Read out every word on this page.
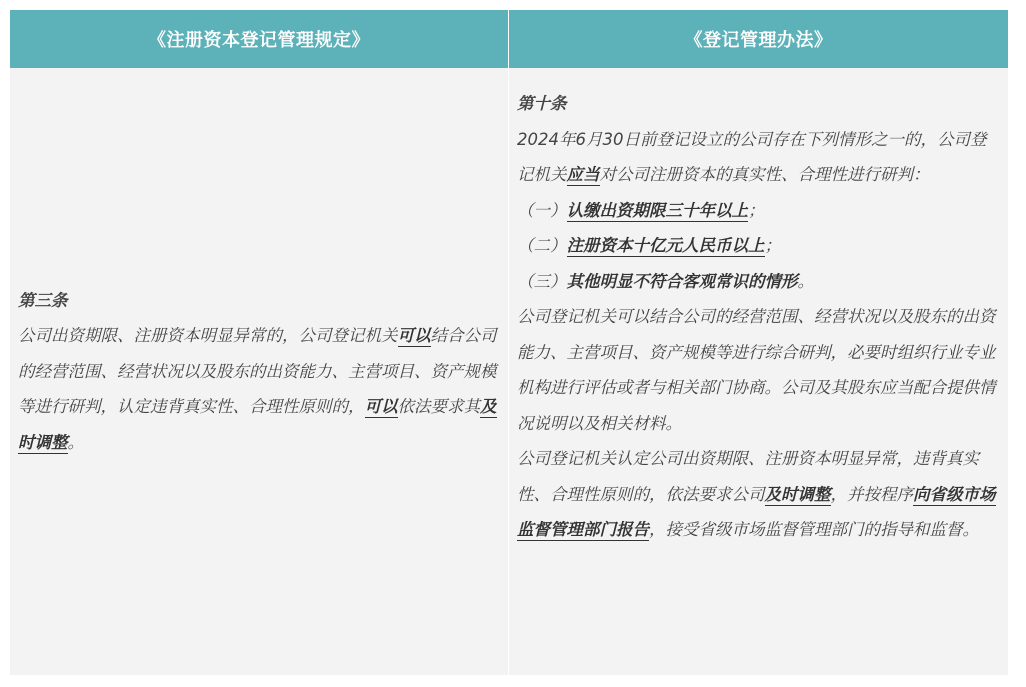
《注册资本登记管理规定》	《登记管理办法》
第三条
公司出资期限、注册资本明显异常的，公司登记机关可以结合公司的经营范围、经营状况以及股东的出资能力、主营项目、资产规模等进行研判，认定违背真实性、合理性原则的，可以依法要求其及时调整。
第十条
2024年6月30日前登记设立的公司存在下列情形之一的，公司登记机关应当对公司注册资本的真实性、合理性进行研判：
（一）认缴出资期限三十年以上；
（二）注册资本十亿元人民币以上；
（三）其他明显不符合客观常识的情形。
公司登记机关可以结合公司的经营范围、经营状况以及股东的出资能力、主营项目、资产规模等进行综合研判，必要时组织行业专业机构进行评估或者与相关部门协商。公司及其股东应当配合提供情况说明以及相关材料。
公司登记机关认定公司出资期限、注册资本明显异常，违背真实性、合理性原则的，依法要求公司及时调整，并按程序向省级市场监督管理部门报告，接受省级市场监督管理部门的指导和监督。
